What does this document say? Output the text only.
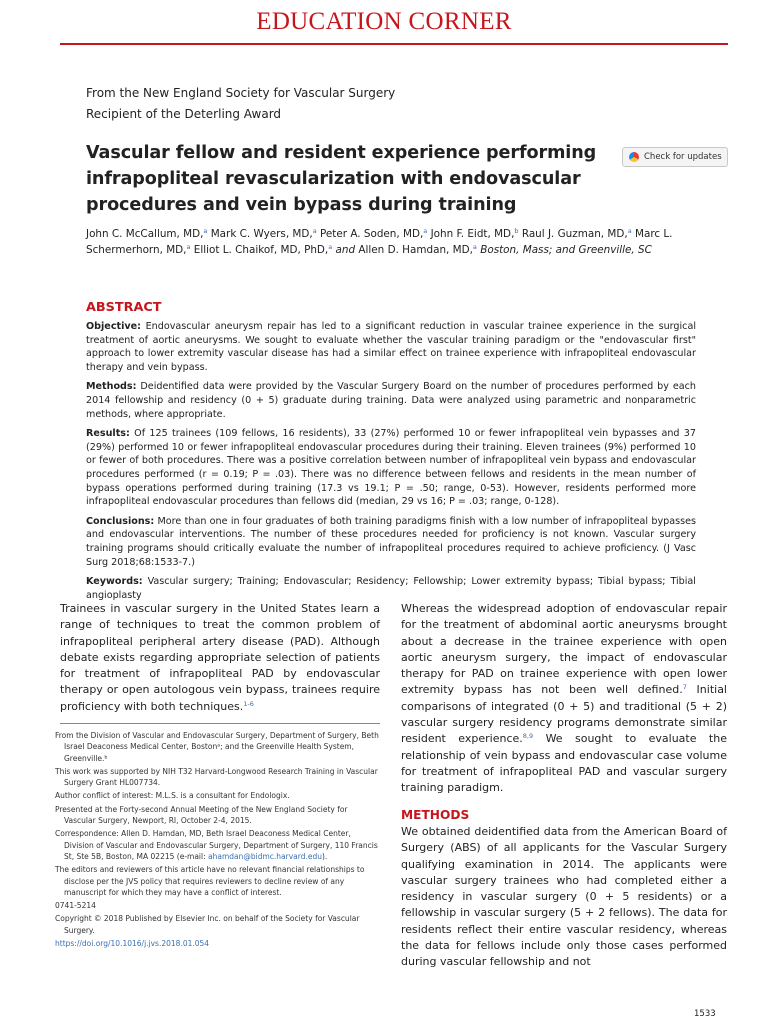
EDUCATION CORNER
From the New England Society for Vascular Surgery
Recipient of the Deterling Award
Vascular fellow and resident experience performing infrapopliteal revascularization with endovascular procedures and vein bypass during training
Check for updates
John C. McCallum, MD,$^a$ Mark C. Wyers, MD,$^a$ Peter A. Soden, MD,$^a$ John F. Eidt, MD,$^b$ Raul J. Guzman, MD,$^a$ Marc L. Schermerhorn, MD,$^a$ Elliot L. Chaikof, MD, PhD,$^a$ and Allen D. Hamdan, MD,$^a$ Boston, Mass; and Greenville, SC
ABSTRACT

Objective: Endovascular aneurysm repair has led to a significant reduction in vascular trainee experience in the surgical treatment of aortic aneurysms. We sought to evaluate whether the vascular training paradigm or the "endovascular first" approach to lower extremity vascular disease has had a similar effect on trainee experience with infrapopliteal endovascular therapy and vein bypass.

Methods: Deidentified data were provided by the Vascular Surgery Board on the number of procedures performed by each 2014 fellowship and residency (0 + 5) graduate during training. Data were analyzed using parametric and nonparametric methods, where appropriate.

Results: Of 125 trainees (109 fellows, 16 residents), 33 (27%) performed 10 or fewer infrapopliteal vein bypasses and 37 (29%) performed 10 or fewer infrapopliteal endovascular procedures during their training. Eleven trainees (9%) performed 10 or fewer of both procedures. There was a positive correlation between number of infrapopliteal vein bypass and endovascular procedures performed (r = 0.19; P = .03). There was no difference between fellows and residents in the mean number of bypass operations performed during training (17.3 vs 19.1; P = .50; range, 0-53). However, residents performed more infrapopliteal endovascular procedures than fellows did (median, 29 vs 16; P = .03; range, 0-128).

Conclusions: More than one in four graduates of both training paradigms finish with a low number of infrapopliteal bypasses and endovascular interventions. The number of these procedures needed for proficiency is not known. Vascular surgery training programs should critically evaluate the number of infrapopliteal procedures required to achieve proficiency. (J Vasc Surg 2018;68:1533-7.)

Keywords: Vascular surgery; Training; Endovascular; Residency; Fellowship; Lower extremity bypass; Tibial bypass; Tibial angioplasty

Trainees in vascular surgery in the United States learn a range of techniques to treat the common problem of infrapopliteal peripheral artery disease (PAD). Although debate exists regarding appropriate selection of patients for treatment of infrapopliteal PAD by endovascular therapy or open autologous vein bypass, trainees require proficiency with both techniques.$^{1-6}$

From the Division of Vascular and Endovascular Surgery, Department of Surgery, Beth Israel Deaconess Medical Center, Bostonᵃ; and the Greenville Health System, Greenville.ᵇ

This work was supported by NIH T32 Harvard-Longwood Research Training in Vascular Surgery Grant HL007734.

Author conflict of interest: M.L.S. is a consultant for Endologix.

Presented at the Forty-second Annual Meeting of the New England Society for Vascular Surgery, Newport, RI, October 2-4, 2015.

Correspondence: Allen D. Hamdan, MD, Beth Israel Deaconess Medical Center, Division of Vascular and Endovascular Surgery, Department of Surgery, 110 Francis St, Ste 5B, Boston, MA 02215 (e-mail: ahamdan@bidmc.harvard.edu).

The editors and reviewers of this article have no relevant financial relationships to disclose per the JVS policy that requires reviewers to decline review of any manuscript for which they may have a conflict of interest.

0741-5214

Copyright © 2018 Published by Elsevier Inc. on behalf of the Society for Vascular Surgery.

https://doi.org/10.1016/j.jvs.2018.01.054

Whereas the widespread adoption of endovascular repair for the treatment of abdominal aortic aneurysms brought about a decrease in the trainee experience with open aortic aneurysm surgery, the impact of endovascular therapy for PAD on trainee experience with open lower extremity bypass has not been well defined.$^7$ Initial comparisons of integrated (0 + 5) and traditional (5 + 2) vascular surgery residency programs demonstrate similar resident experience.$^{8,9}$ We sought to evaluate the relationship of vein bypass and endovascular case volume for treatment of infrapopliteal PAD and vascular surgery training paradigm.

METHODS

We obtained deidentified data from the American Board of Surgery (ABS) of all applicants for the Vascular Surgery qualifying examination in 2014. The applicants were vascular surgery trainees who had completed either a residency in vascular surgery (0 + 5 residents) or a fellowship in vascular surgery (5 + 2 fellows). The data for residents reflect their entire vascular residency, whereas the data for fellows include only those cases performed during vascular fellowship and not

1533
